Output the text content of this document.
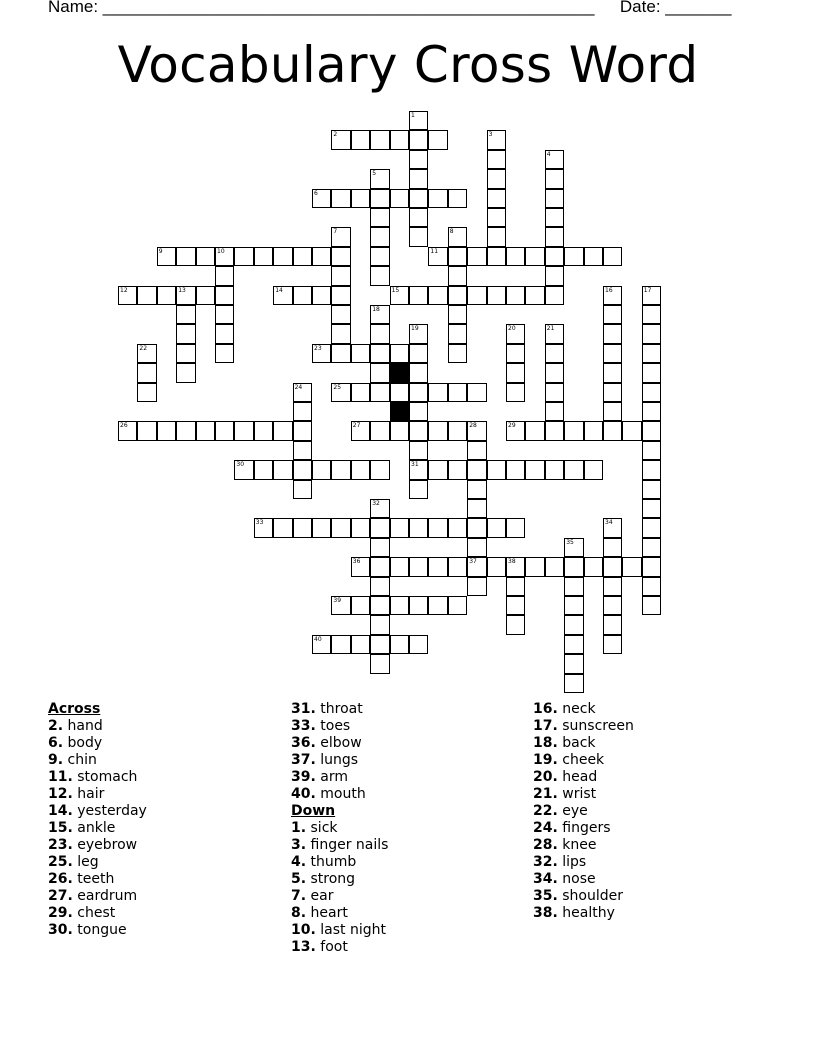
Name: ____________________________________________________ Date: _______
Vocabulary Cross Word
1
2	3
4
5
6
7	8
9	10	11
12	13	14	15	16	17
18
19
31
20	21
22	23
24	25
26	27	28
37
29
30
32
33	34
35
36	38
39
40
Across
2. hand
6. body
9. chin
11. stomach
12. hair
14. yesterday
15. ankle
23. eyebrow
25. leg
26. teeth
27. eardrum
29. chest
30. tongue
31. throat
33. toes
36. elbow
37. lungs
39. arm
40. mouth
Down
1. sick
3. finger nails
4. thumb
5. strong
7. ear
8. heart
10. last night
13. foot
16. neck
17. sunscreen
18. back
19. cheek
20. head
21. wrist
22. eye
24. fingers
28. knee
32. lips
34. nose
35. shoulder
38. healthy
